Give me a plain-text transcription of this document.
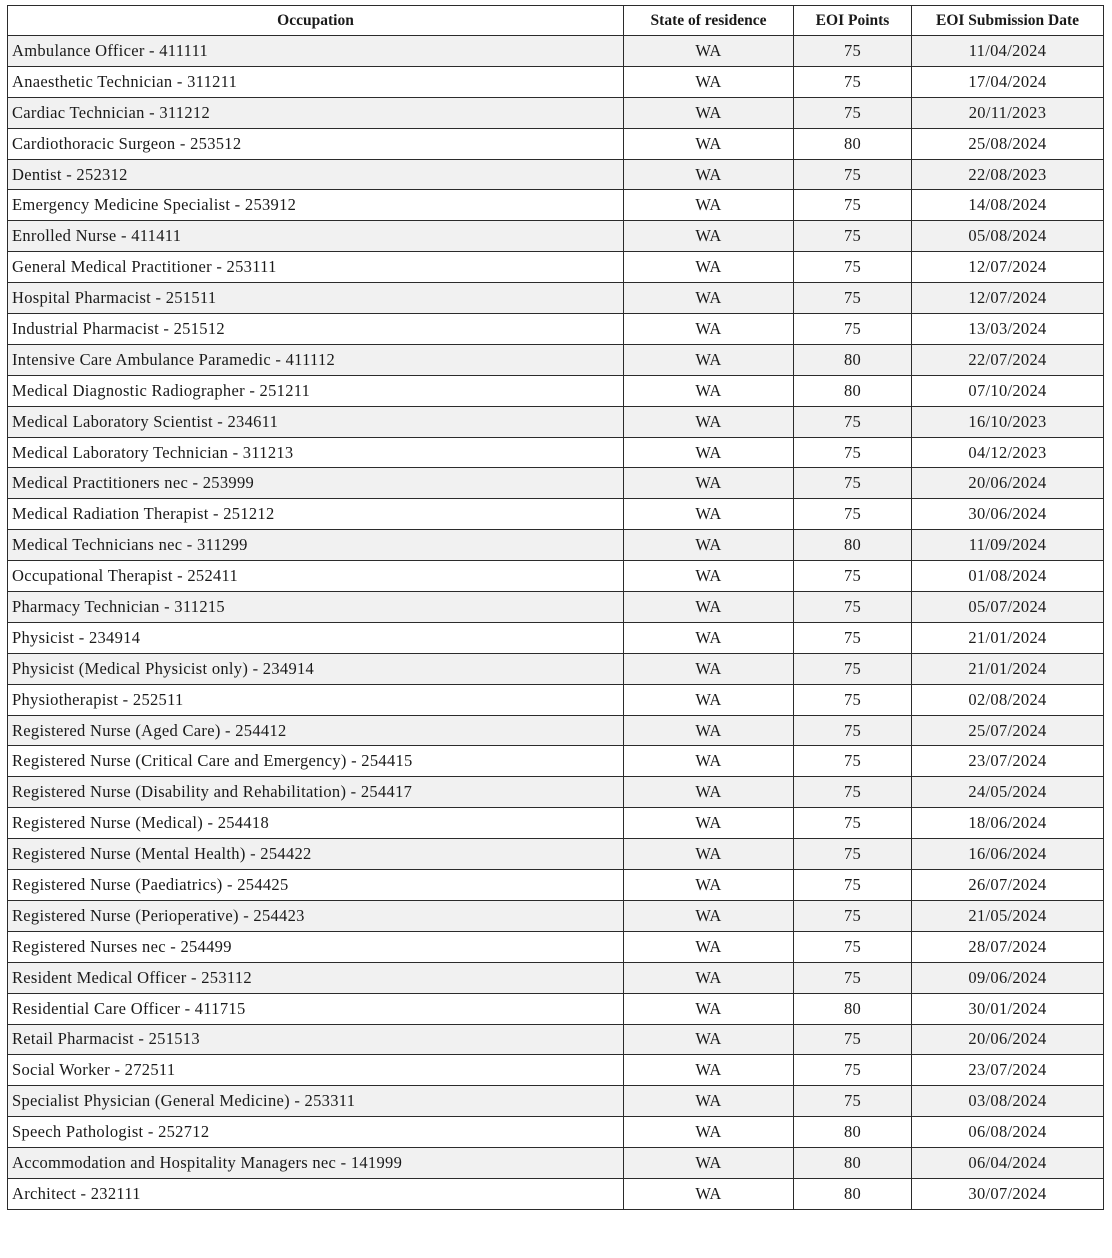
Occupation	State of residence	EOI Points	EOI Submission Date
Ambulance Officer - 411111	WA	75	11/04/2024
Anaesthetic Technician - 311211	WA	75	17/04/2024
Cardiac Technician - 311212	WA	75	20/11/2023
Cardiothoracic Surgeon - 253512	WA	80	25/08/2024
Dentist - 252312	WA	75	22/08/2023
Emergency Medicine Specialist - 253912	WA	75	14/08/2024
Enrolled Nurse - 411411	WA	75	05/08/2024
General Medical Practitioner - 253111	WA	75	12/07/2024
Hospital Pharmacist - 251511	WA	75	12/07/2024
Industrial Pharmacist - 251512	WA	75	13/03/2024
Intensive Care Ambulance Paramedic - 411112	WA	80	22/07/2024
Medical Diagnostic Radiographer - 251211	WA	80	07/10/2024
Medical Laboratory Scientist - 234611	WA	75	16/10/2023
Medical Laboratory Technician - 311213	WA	75	04/12/2023
Medical Practitioners nec - 253999	WA	75	20/06/2024
Medical Radiation Therapist - 251212	WA	75	30/06/2024
Medical Technicians nec - 311299	WA	80	11/09/2024
Occupational Therapist - 252411	WA	75	01/08/2024
Pharmacy Technician - 311215	WA	75	05/07/2024
Physicist - 234914	WA	75	21/01/2024
Physicist (Medical Physicist only) - 234914	WA	75	21/01/2024
Physiotherapist - 252511	WA	75	02/08/2024
Registered Nurse (Aged Care) - 254412	WA	75	25/07/2024
Registered Nurse (Critical Care and Emergency) - 254415	WA	75	23/07/2024
Registered Nurse (Disability and Rehabilitation) - 254417	WA	75	24/05/2024
Registered Nurse (Medical) - 254418	WA	75	18/06/2024
Registered Nurse (Mental Health) - 254422	WA	75	16/06/2024
Registered Nurse (Paediatrics) - 254425	WA	75	26/07/2024
Registered Nurse (Perioperative) - 254423	WA	75	21/05/2024
Registered Nurses nec - 254499	WA	75	28/07/2024
Resident Medical Officer - 253112	WA	75	09/06/2024
Residential Care Officer - 411715	WA	80	30/01/2024
Retail Pharmacist - 251513	WA	75	20/06/2024
Social Worker - 272511	WA	75	23/07/2024
Specialist Physician (General Medicine) - 253311	WA	75	03/08/2024
Speech Pathologist - 252712	WA	80	06/08/2024
Accommodation and Hospitality Managers nec - 141999	WA	80	06/04/2024
Architect - 232111	WA	80	30/07/2024
